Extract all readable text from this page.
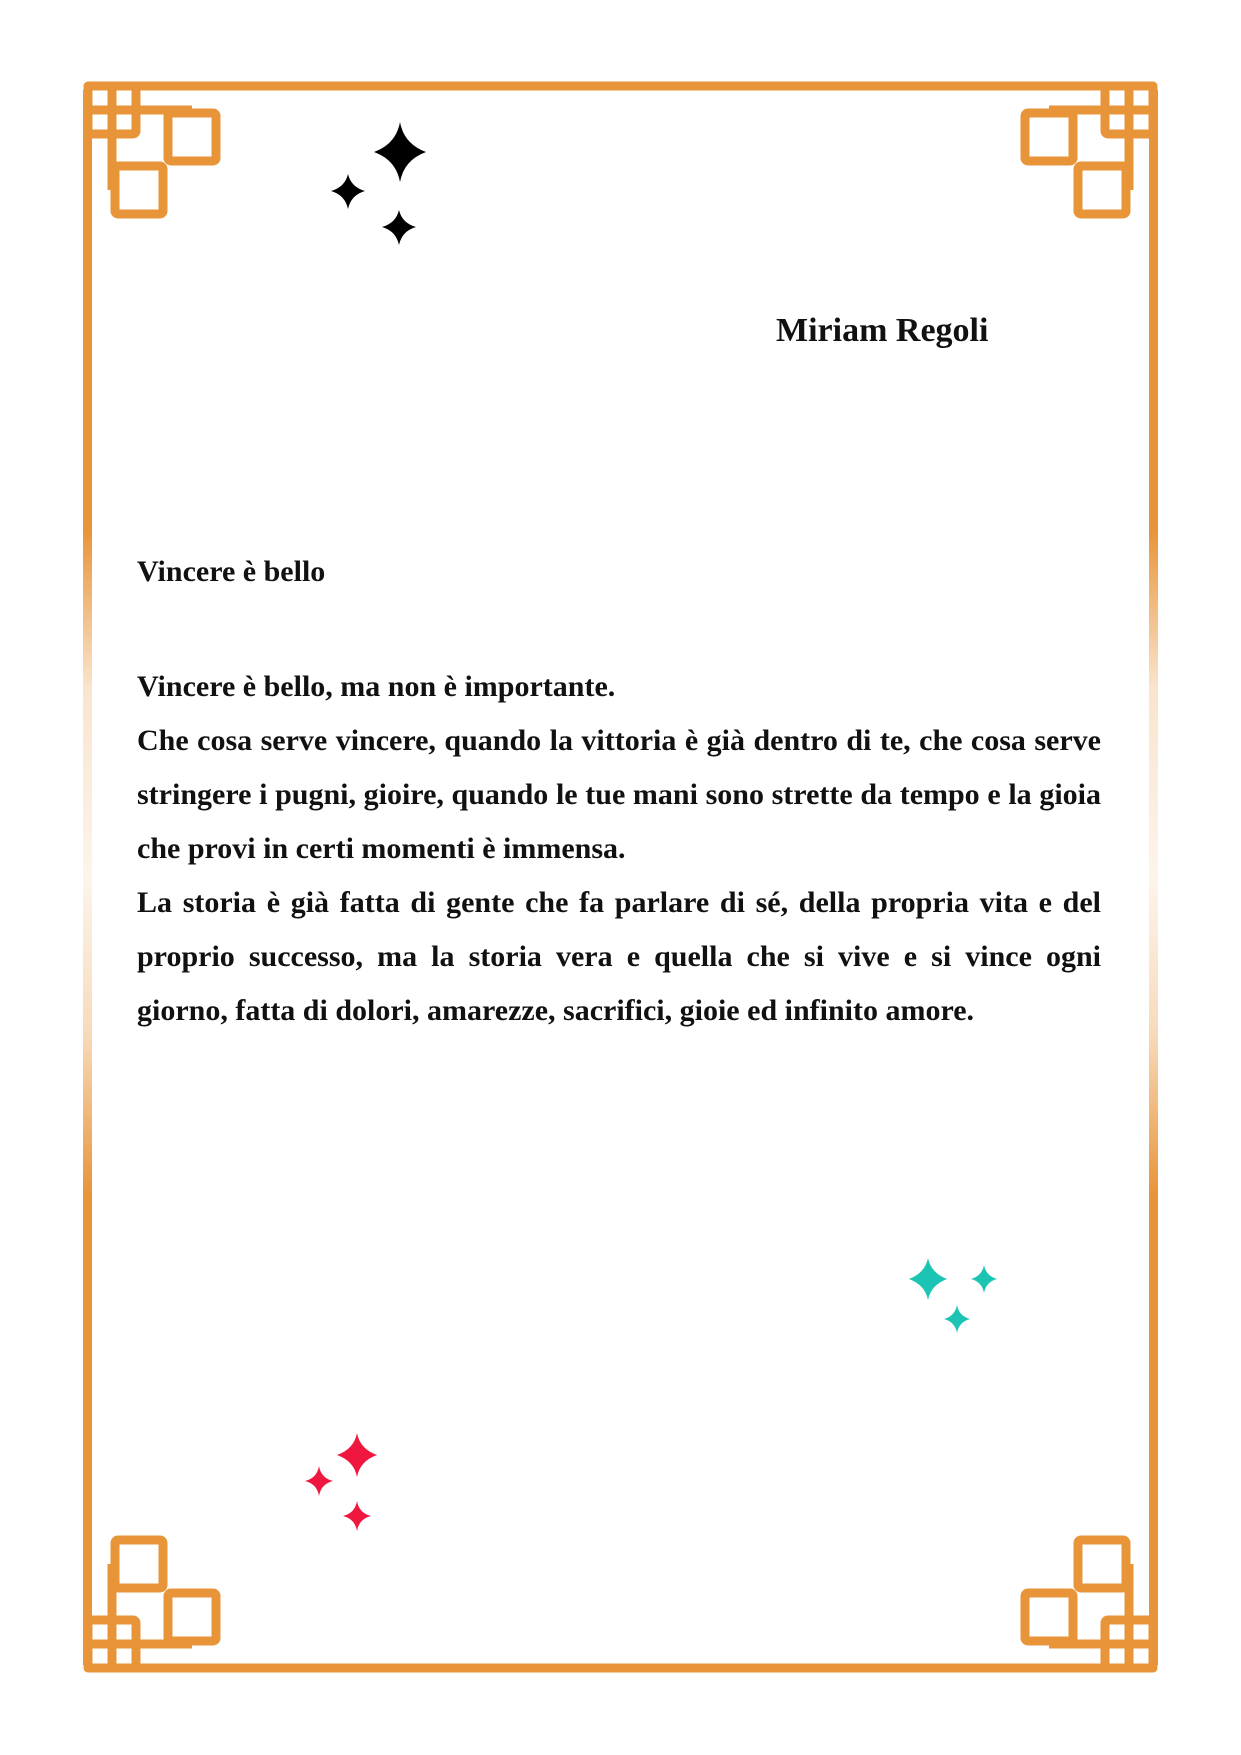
Miriam Regoli
Vincere è bello

Vincere è bello, ma non è importante.

Che cosa serve vincere, quando la vittoria è già dentro di te, che cosa serve stringere i pugni, gioire, quando le tue mani sono strette da tempo e la gioia che provi in certi momenti è immensa.

La storia è già fatta di gente che fa parlare di sé, della propria vita e del proprio successo, ma la storia vera e quella che si vive e si vince ogni giorno, fatta di dolori, amarezze, sacrifici, gioie ed infinito amore.
